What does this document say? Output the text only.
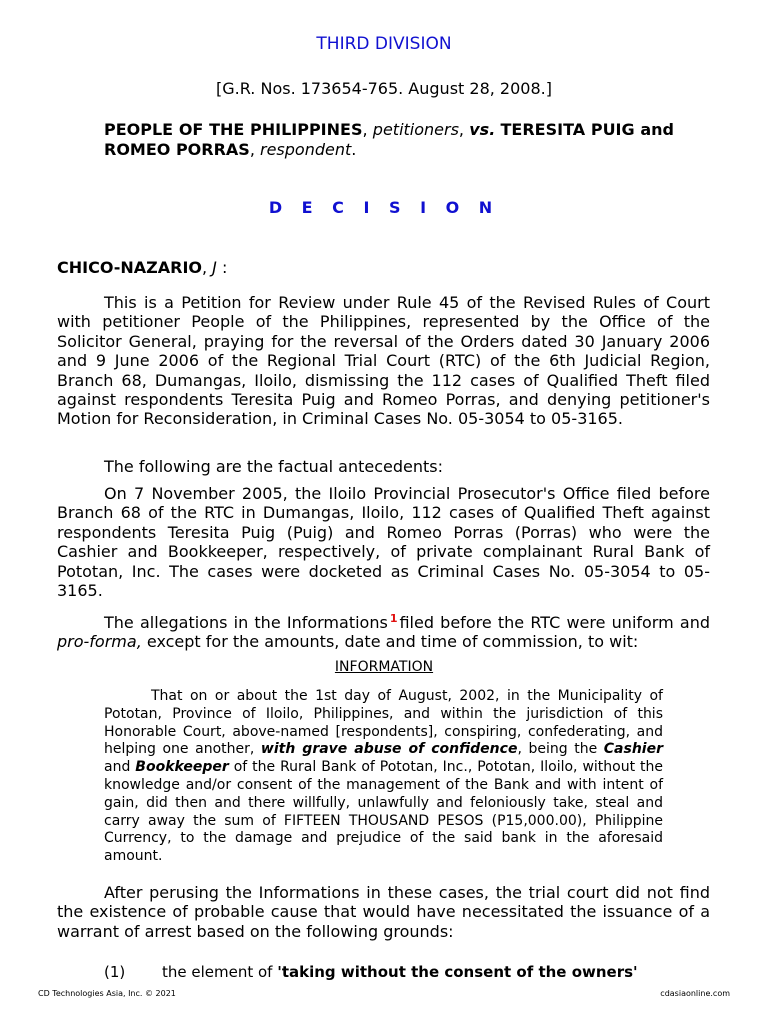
THIRD DIVISION
[G.R. Nos. 173654-765. August 28, 2008.]
PEOPLE OF THE PHILIPPINES, petitioners, vs. TERESITA PUIG and ROMEO PORRAS, respondent.
D E C I S I O N
CHICO-NAZARIO, J :

This is a Petition for Review under Rule 45 of the Revised Rules of Court with petitioner People of the Philippines, represented by the Office of the Solicitor General, praying for the reversal of the Orders dated 30 January 2006 and 9 June 2006 of the Regional Trial Court (RTC) of the 6th Judicial Region, Branch 68, Dumangas, Iloilo, dismissing the 112 cases of Qualified Theft filed against respondents Teresita Puig and Romeo Porras, and denying petitioner's Motion for Reconsideration, in Criminal Cases No. 05-3054 to 05-3165.

The following are the factual antecedents:

On 7 November 2005, the Iloilo Provincial Prosecutor's Office filed before Branch 68 of the RTC in Dumangas, Iloilo, 112 cases of Qualified Theft against respondents Teresita Puig (Puig) and Romeo Porras (Porras) who were the Cashier and Bookkeeper, respectively, of private complainant Rural Bank of Pototan, Inc. The cases were docketed as Criminal Cases No. 05-3054 to 05-3165.

The allegations in the Informations $^1$ filed before the RTC were uniform and pro-forma, except for the amounts, date and time of commission, to wit:

INFORMATION

That on or about the 1st day of August, 2002, in the Municipality of Pototan, Province of Iloilo, Philippines, and within the jurisdiction of this Honorable Court, above-named [respondents], conspiring, confederating, and helping one another, with grave abuse of confidence, being the Cashier and Bookkeeper of the Rural Bank of Pototan, Inc., Pototan, Iloilo, without the knowledge and/or consent of the management of the Bank and with intent of gain, did then and there willfully, unlawfully and feloniously take, steal and carry away the sum of FIFTEEN THOUSAND PESOS (P15,000.00), Philippine Currency, to the damage and prejudice of the said bank in the aforesaid amount.

After perusing the Informations in these cases, the trial court did not find the existence of probable cause that would have necessitated the issuance of a warrant of arrest based on the following grounds:

(1) the element of 'taking without the consent of the owners'
CD Technologies Asia, Inc. © 2021	cdasiaonline.com
